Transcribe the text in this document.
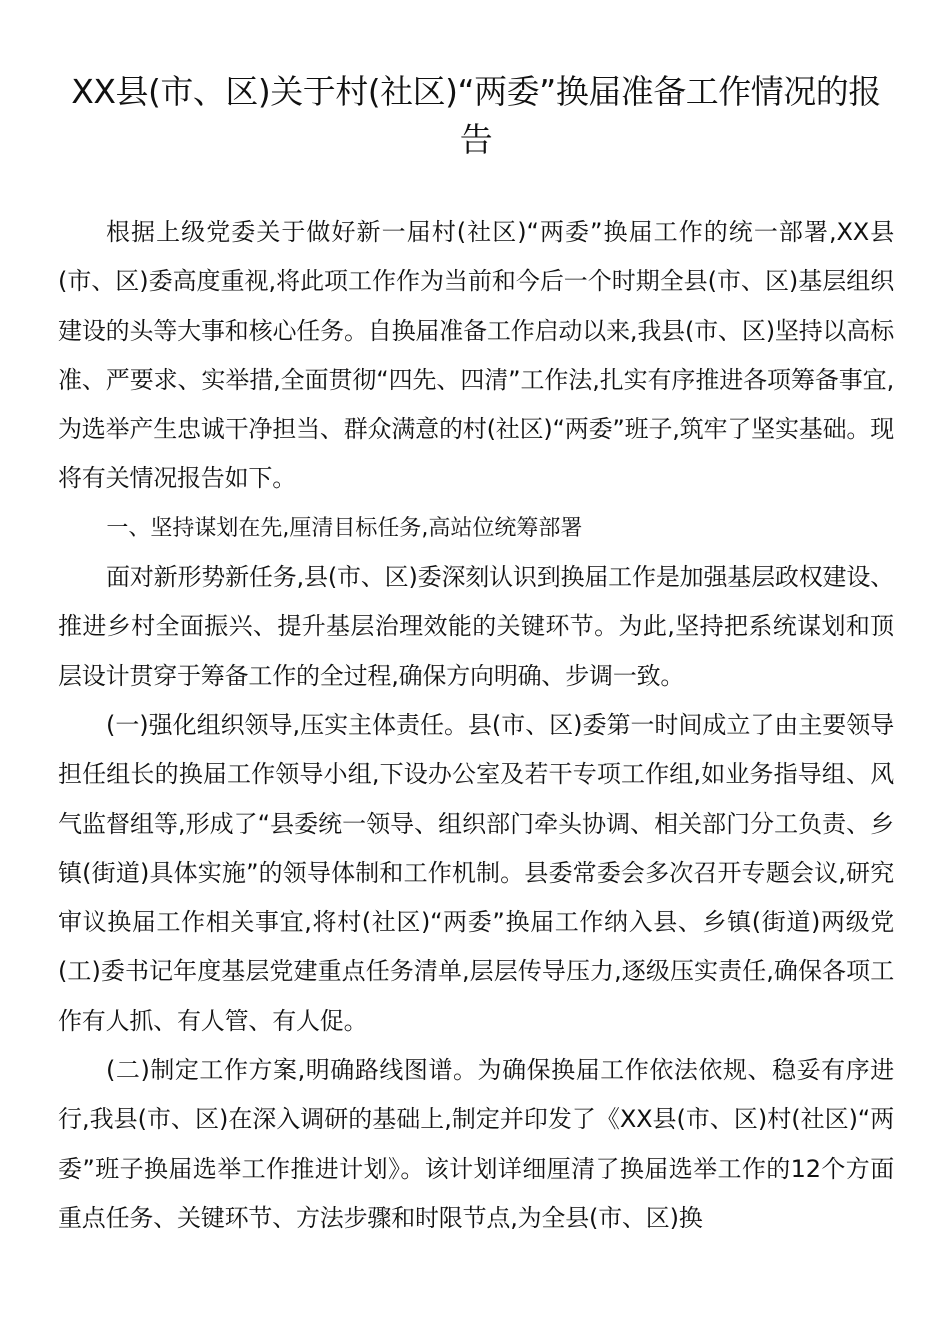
XX县(市、区)关于村(社区)“两委”换届准备工作情况的报告

根据上级党委关于做好新一届村(社区)“两委”换届工作的统一部署,XX县(市、区)委高度重视,将此项工作作为当前和今后一个时期全县(市、区)基层组织建设的头等大事和核心任务。自换届准备工作启动以来,我县(市、区)坚持以高标准、严要求、实举措,全面贯彻“四先、四清”工作法,扎实有序推进各项筹备事宜,为选举产生忠诚干净担当、群众满意的村(社区)“两委”班子,筑牢了坚实基础。现将有关情况报告如下。

一、坚持谋划在先,厘清目标任务,高站位统筹部署

面对新形势新任务,县(市、区)委深刻认识到换届工作是加强基层政权建设、推进乡村全面振兴、提升基层治理效能的关键环节。为此,坚持把系统谋划和顶层设计贯穿于筹备工作的全过程,确保方向明确、步调一致。

(一)强化组织领导,压实主体责任。县(市、区)委第一时间成立了由主要领导担任组长的换届工作领导小组,下设办公室及若干专项工作组,如业务指导组、风气监督组等,形成了“县委统一领导、组织部门牵头协调、相关部门分工负责、乡镇(街道)具体实施”的领导体制和工作机制。县委常委会多次召开专题会议,研究审议换届工作相关事宜,将村(社区)“两委”换届工作纳入县、乡镇(街道)两级党(工)委书记年度基层党建重点任务清单,层层传导压力,逐级压实责任,确保各项工作有人抓、有人管、有人促。

(二)制定工作方案,明确路线图谱。为确保换届工作依法依规、稳妥有序进行,我县(市、区)在深入调研的基础上,制定并印发了《XX县(市、区)村(社区)“两委”班子换届选举工作推进计划》。该计划详细厘清了换届选举工作的12个方面重点任务、关键环节、方法步骤和时限节点,为全县(市、区)换
